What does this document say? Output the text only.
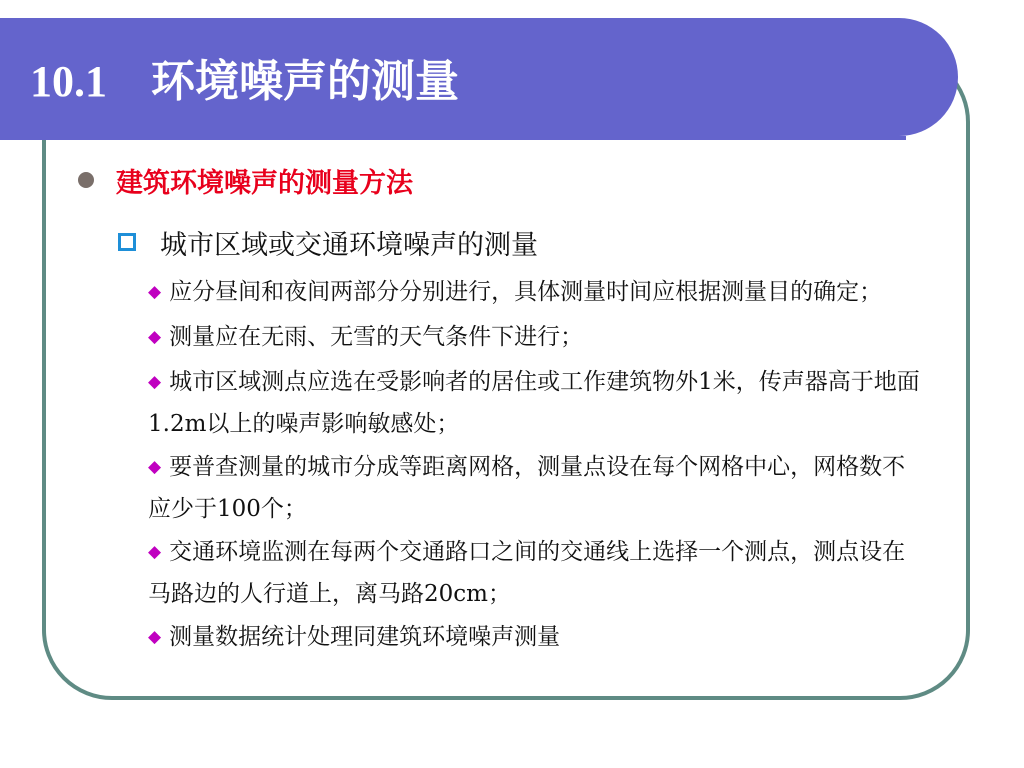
10.1 环境噪声的测量
建筑环境噪声的测量方法
城市区域或交通环境噪声的测量
◆ 应分昼间和夜间两部分分别进行，具体测量时间应根据测量目的确定；
◆ 测量应在无雨、无雪的天气条件下进行；
◆ 城市区域测点应选在受影响者的居住或工作建筑物外1米，传声器高于地面1.2m以上的噪声影响敏感处；
◆ 要普查测量的城市分成等距离网格，测量点设在每个网格中心，网格数不应少于100个；
◆ 交通环境监测在每两个交通路口之间的交通线上选择一个测点，测点设在马路边的人行道上，离马路20cm；
◆ 测量数据统计处理同建筑环境噪声测量
